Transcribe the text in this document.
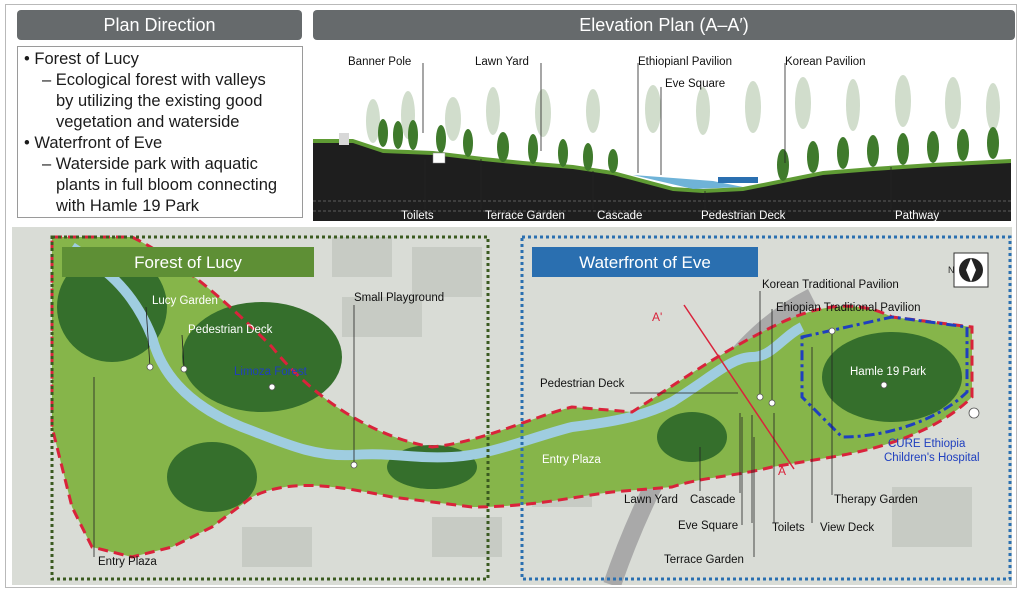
Plan Direction	Elevation Plan (A–A′)

• Forest of Lucy

– Ecological forest with valleys

by utilizing the existing good

vegetation and waterside

• Waterfront of Eve

– Waterside park with aquatic

plants in full bloom connecting

with Hamle 19 Park

Banner Pole	Lawn Yard	Ethiopianl Pavilion
Eve Square
Korean Pavilion
Toilets	Terrace Garden	Cascade	Pedestrian Deck	Pathway
Forest of Lucy	Waterfront of Eve	N
A'
A
Lucy Garden
Pedestrian Deck
Limoza Forest
Small Playground
Entry Plaza
Korean Traditional Pavilion
Ehiopian Traditional Pavilion
Pedestrian Deck
Hamle 19 Park
CURE Ethiopia
Children's Hospital
Entry Plaza
Lawn Yard Cascade	Therapy Garden
Eve Square	Toilets View Deck
Terrace Garden
